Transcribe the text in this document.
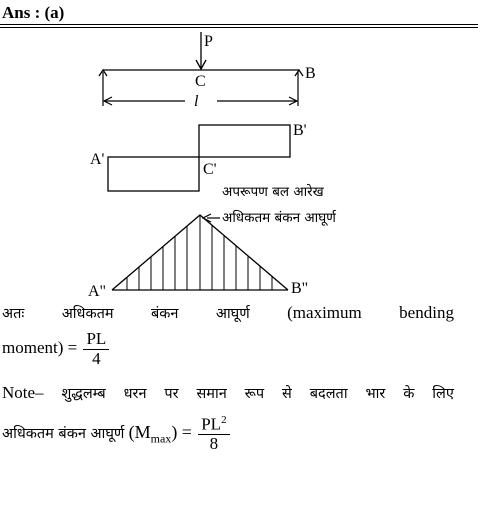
Ans : (a)
P
C	B
l
B'
A'
C'
अपरूपण बल आरेख
अधिकतम बंकन आघूर्ण
A"	B"
अतः	अधिकतम	बंकन	आघूर्ण (maximum bending
moment) = $\frac{PL}{4}$
Note– शुद्धलम्ब धरन पर समान रूप से बदलता भार के लिए
अधिकतम बंकन आघूर्ण $(M_{max}) = \frac{PL^2}{8}$
